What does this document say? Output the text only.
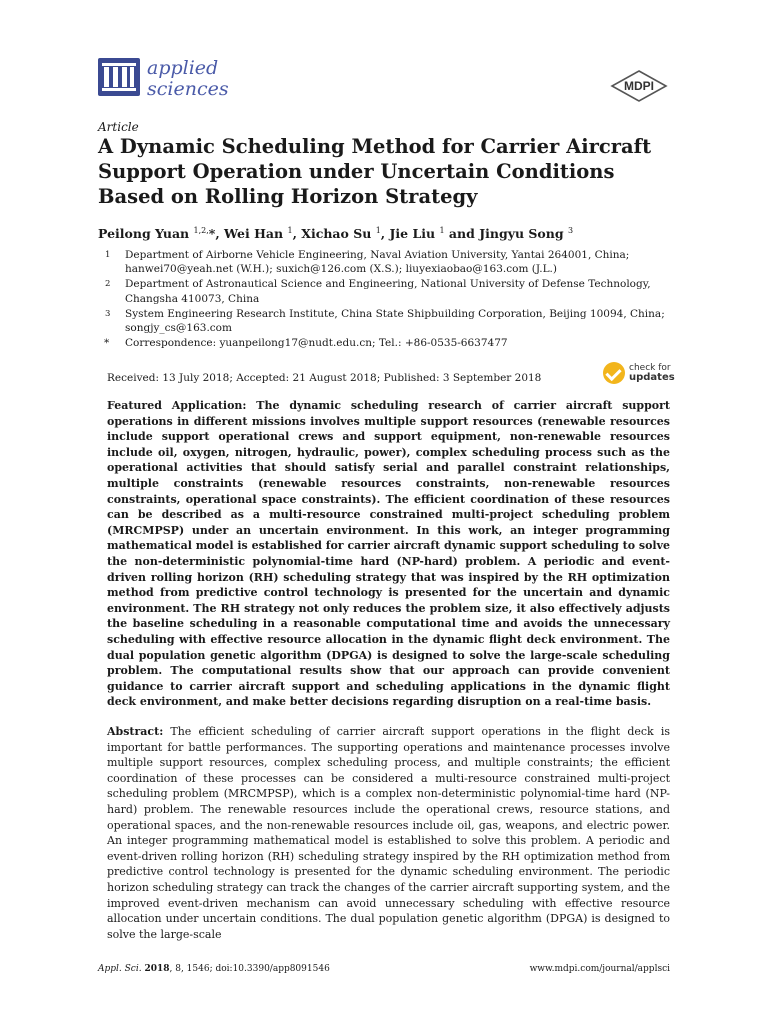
applied
sciences	MDPI
Article
A Dynamic Scheduling Method for Carrier Aircraft Support Operation under Uncertain Conditions Based on Rolling Horizon Strategy
Peilong Yuan $^{1,2,}$*, Wei Han $^1$, Xichao Su $^1$, Jie Liu $^1$ and Jingyu Song $^3$
1	Department of Airborne Vehicle Engineering, Naval Aviation University, Yantai 264001, China; hanwei70@yeah.net (W.H.); suxich@126.com (X.S.); liuyexiaobao@163.com (J.L.)
2	Department of Astronautical Science and Engineering, National University of Defense Technology, Changsha 410073, China
3	System Engineering Research Institute, China State Shipbuilding Corporation, Beijing 10094, China; songjy_cs@163.com
*	Correspondence: yuanpeilong17@nudt.edu.cn; Tel.: +86-0535-6637477
Received: 13 July 2018; Accepted: 21 August 2018; Published: 3 September 2018
check for
updates

Featured Application: The dynamic scheduling research of carrier aircraft support operations in different missions involves multiple support resources (renewable resources include support operational crews and support equipment, non-renewable resources include oil, oxygen, nitrogen, hydraulic, power), complex scheduling process such as the operational activities that should satisfy serial and parallel constraint relationships, multiple constraints (renewable resources constraints, non-renewable resources constraints, operational space constraints). The efficient coordination of these resources can be described as a multi-resource constrained multi-project scheduling problem (MRCMPSP) under an uncertain environment. In this work, an integer programming mathematical model is established for carrier aircraft dynamic support scheduling to solve the non-deterministic polynomial-time hard (NP-hard) problem. A periodic and event-driven rolling horizon (RH) scheduling strategy that was inspired by the RH optimization method from predictive control technology is presented for the uncertain and dynamic environment. The RH strategy not only reduces the problem size, it also effectively adjusts the baseline scheduling in a reasonable computational time and avoids the unnecessary scheduling with effective resource allocation in the dynamic flight deck environment. The dual population genetic algorithm (DPGA) is designed to solve the large-scale scheduling problem. The computational results show that our approach can provide convenient guidance to carrier aircraft support and scheduling applications in the dynamic flight deck environment, and make better decisions regarding disruption on a real-time basis.

Abstract: The efficient scheduling of carrier aircraft support operations in the flight deck is important for battle performances. The supporting operations and maintenance processes involve multiple support resources, complex scheduling process, and multiple constraints; the efficient coordination of these processes can be considered a multi-resource constrained multi-project scheduling problem (MRCMPSP), which is a complex non-deterministic polynomial-time hard (NP-hard) problem. The renewable resources include the operational crews, resource stations, and operational spaces, and the non-renewable resources include oil, gas, weapons, and electric power. An integer programming mathematical model is established to solve this problem. A periodic and event-driven rolling horizon (RH) scheduling strategy inspired by the RH optimization method from predictive control technology is presented for the dynamic scheduling environment. The periodic horizon scheduling strategy can track the changes of the carrier aircraft supporting system, and the improved event-driven mechanism can avoid unnecessary scheduling with effective resource allocation under uncertain conditions. The dual population genetic algorithm (DPGA) is designed to solve the large-scale

Appl. Sci. 2018, 8, 1546; doi:10.3390/app8091546	www.mdpi.com/journal/applsci
